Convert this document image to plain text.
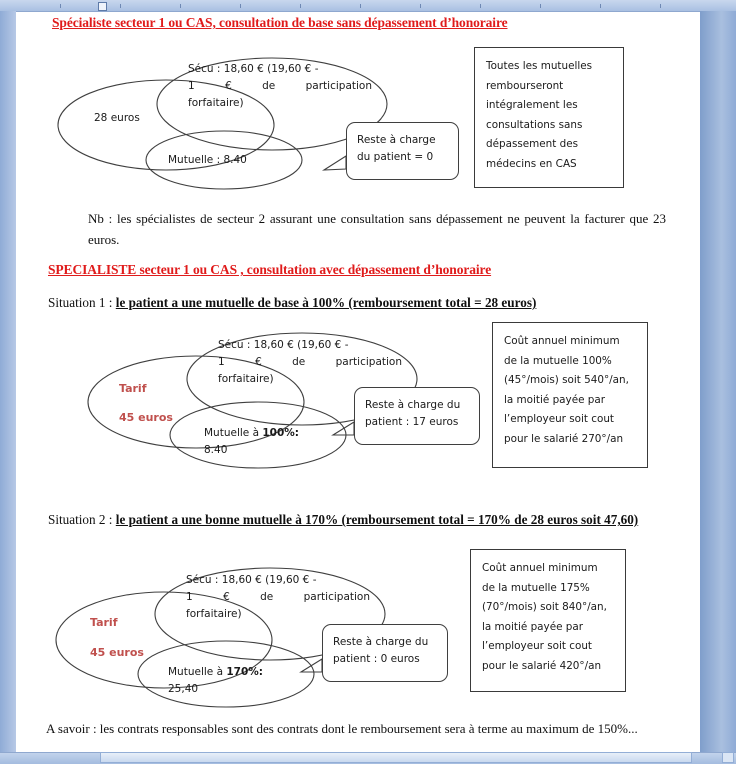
Spécialiste secteur 1 ou CAS, consultation de base sans dépassement d’honoraire
28 euros
Sécu : 18,60 € (19,60 € -
1 € de participation
forfaitaire)
Mutuelle : 8.40
Reste à charge
du patient = 0
Toutes les mutuelles
rembourseront
intégralement les
consultations sans
dépassement des
médecins en CAS
Nb : les spécialistes de secteur 2 assurant une consultation sans dépassement ne peuvent la facturer que 23 euros.
SPECIALISTE secteur 1 ou CAS , consultation avec dépassement d’honoraire
Situation 1 : le patient a une mutuelle de base à 100% (remboursement total = 28 euros)
Tarif
45 euros
Sécu : 18,60 € (19,60 € -
1 € de participation
forfaitaire)
Mutuelle à 100%:
8.40
Reste à charge du
patient : 17 euros
Coût annuel minimum
de la mutuelle 100%
(45°/mois) soit 540°/an,
la moitié payée par
l’employeur soit cout
pour le salarié 270°/an
Situation 2 : le patient a une bonne mutuelle à 170% (remboursement total = 170% de 28 euros soit 47,60)
Tarif
45 euros
Sécu : 18,60 € (19,60 € -
1 € de participation
forfaitaire)
Mutuelle à 170%:
25,40
Reste à charge du
patient : 0 euros
Coût annuel minimum
de la mutuelle 175%
(70°/mois) soit 840°/an,
la moitié payée par
l’employeur soit cout
pour le salarié 420°/an
A savoir : les contrats responsables sont des contrats dont le remboursement sera à terme au maximum de 150%...
